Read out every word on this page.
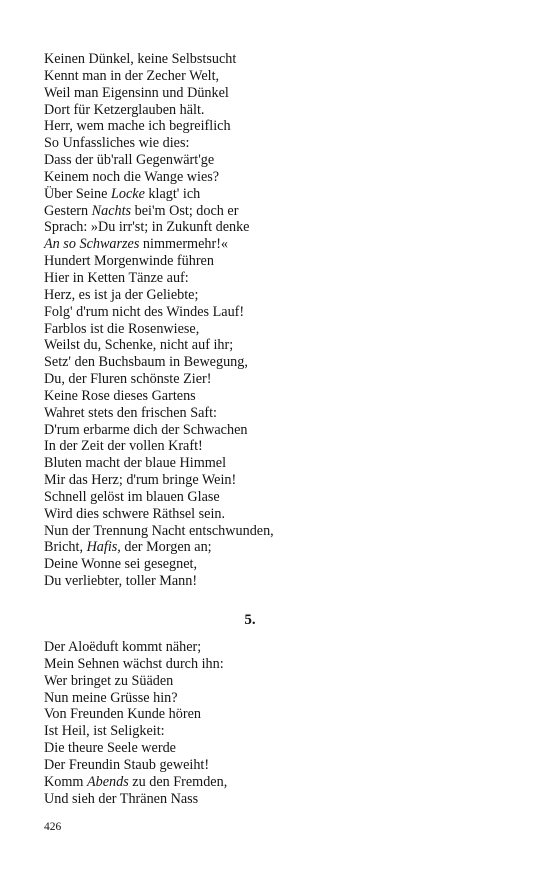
Keinen Dünkel, keine Selbstsucht
Kennt man in der Zecher Welt,
Weil man Eigensinn und Dünkel
Dort für Ketzerglauben hält.
Herr, wem mache ich begreiflich
So Unfassliches wie dies:
Dass der üb'rall Gegenwärt'ge
Keinem noch die Wange wies?
Über Seine Locke klagt' ich
Gestern Nachts bei'm Ost; doch er
Sprach: »Du irr'st; in Zukunft denke
An so Schwarzes nimmermehr!«
Hundert Morgenwinde führen
Hier in Ketten Tänze auf:
Herz, es ist ja der Geliebte;
Folg' d'rum nicht des Windes Lauf!
Farblos ist die Rosenwiese,
Weilst du, Schenke, nicht auf ihr;
Setz' den Buchsbaum in Bewegung,
Du, der Fluren schönste Zier!
Keine Rose dieses Gartens
Wahret stets den frischen Saft:
D'rum erbarme dich der Schwachen
In der Zeit der vollen Kraft!
Bluten macht der blaue Himmel
Mir das Herz; d'rum bringe Wein!
Schnell gelöst im blauen Glase
Wird dies schwere Räthsel sein.
Nun der Trennung Nacht entschwunden,
Bricht, Hafis, der Morgen an;
Deine Wonne sei gesegnet,
Du verliebter, toller Mann!
5.
Der Aloëduft kommt näher;
Mein Sehnen wächst durch ihn:
Wer bringet zu Süäden
Nun meine Grüsse hin?
Von Freunden Kunde hören
Ist Heil, ist Seligkeit:
Die theure Seele werde
Der Freundin Staub geweiht!
Komm Abends zu den Fremden,
Und sieh der Thränen Nass
426
